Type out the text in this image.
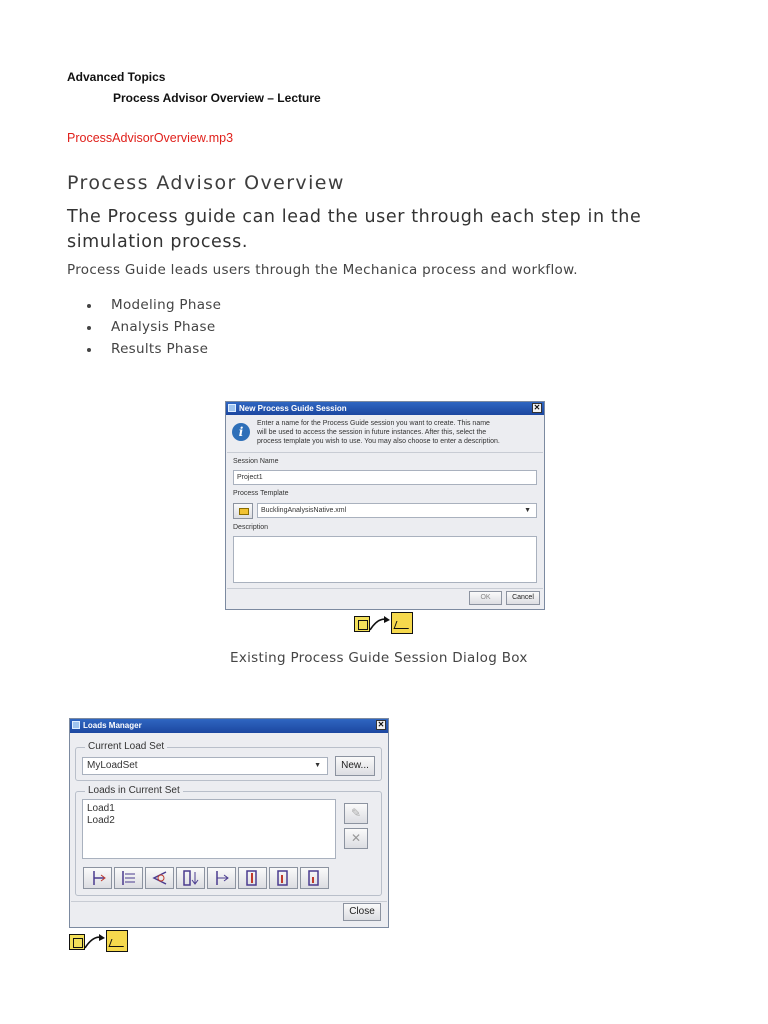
Advanced Topics
Process Advisor Overview – Lecture
ProcessAdvisorOverview.mp3
Process Advisor Overview
The Process guide can lead the user through each step in the simulation process.
Process Guide leads users through the Mechanica process and workflow.
Modeling Phase
Analysis Phase
Results Phase
New Process Guide Session	✕
i
Enter a name for the Process Guide session you want to create. This name
will be used to access the session in future instances. After this, select the
process template you wish to use. You may also choose to enter a description.
Session Name
Project1
Process Template
BucklingAnalysisNative.xml	▼
Description
OK	Cancel
Existing Process Guide Session Dialog Box
Loads Manager	✕
Current Load Set
MyLoadSet	▼	New...
Loads in Current Set
Load1
Load2
✎
✕
Close
